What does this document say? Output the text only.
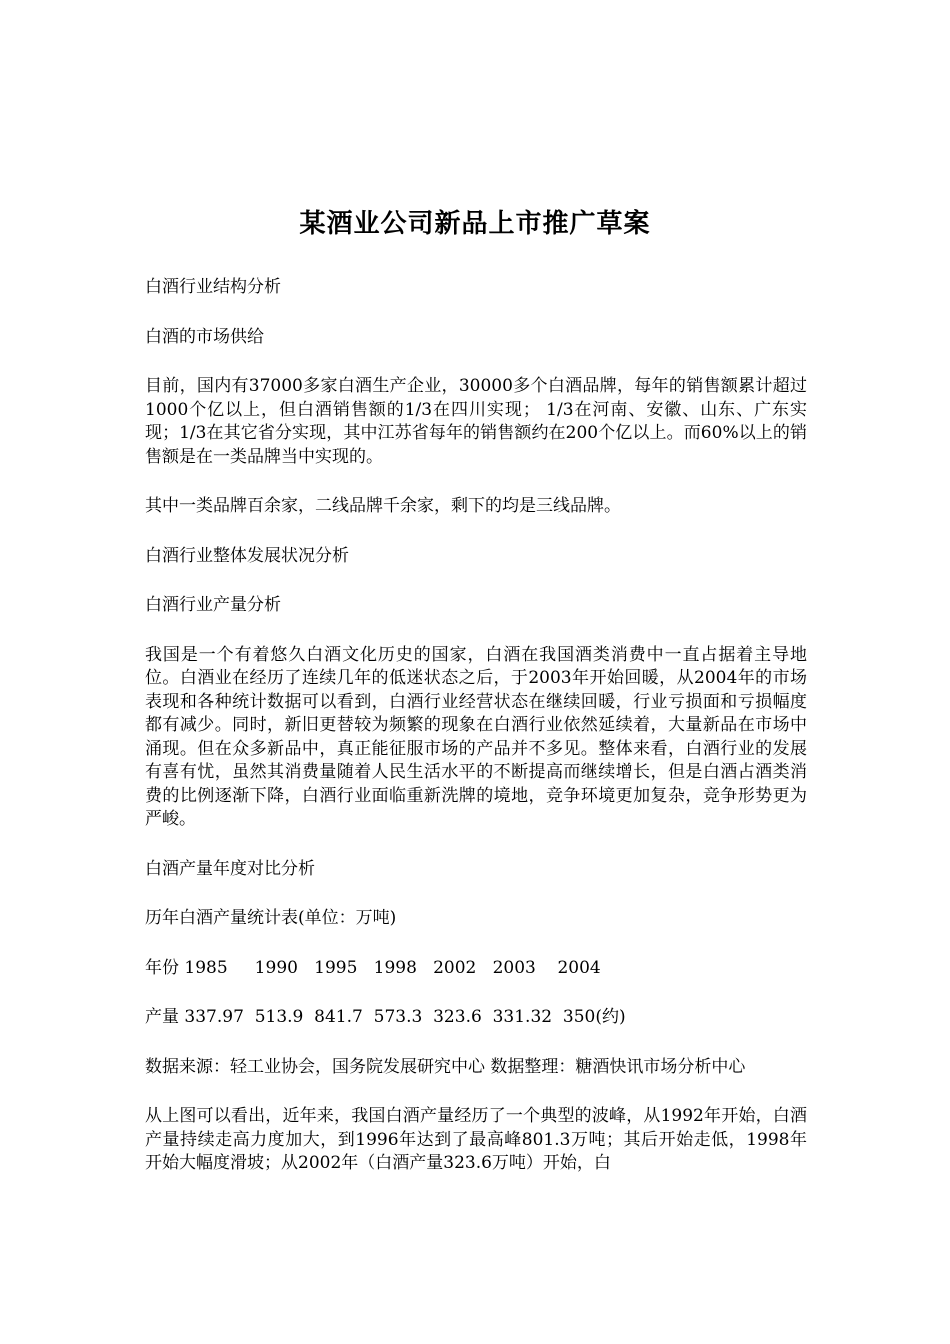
某酒业公司新品上市推广草案

白酒行业结构分析

白酒的市场供给

目前，国内有37000多家白酒生产企业，30000多个白酒品牌，每年的销售额累计超过1000个亿以上，但白酒销售额的1/3在四川实现； 1/3在河南、安徽、山东、广东实现；1/3在其它省分实现，其中江苏省每年的销售额约在200个亿以上。而60%以上的销售额是在一类品牌当中实现的。

其中一类品牌百余家，二线品牌千余家，剩下的均是三线品牌。

白酒行业整体发展状况分析

白酒行业产量分析

我国是一个有着悠久白酒文化历史的国家，白酒在我国酒类消费中一直占据着主导地位。白酒业在经历了连续几年的低迷状态之后，于2003年开始回暖，从2004年的市场表现和各种统计数据可以看到，白酒行业经营状态在继续回暖，行业亏损面和亏损幅度都有减少。同时，新旧更替较为频繁的现象在白酒行业依然延续着，大量新品在市场中涌现。但在众多新品中，真正能征服市场的产品并不多见。整体来看，白酒行业的发展有喜有忧，虽然其消费量随着人民生活水平的不断提高而继续增长，但是白酒占酒类消费的比例逐渐下降，白酒行业面临重新洗牌的境地，竞争环境更加复杂，竞争形势更为严峻。

白酒产量年度对比分析

历年白酒产量统计表(单位：万吨)

年份 1985     1990   1995   1998   2002   2003    2004

产量 337.97  513.9  841.7  573.3  323.6  331.32  350(约)

数据来源：轻工业协会，国务院发展研究中心 数据整理：糖酒快讯市场分析中心

从上图可以看出，近年来，我国白酒产量经历了一个典型的波峰，从1992年开始，白酒产量持续走高力度加大，到1996年达到了最高峰801.3万吨；其后开始走低，1998年开始大幅度滑坡；从2002年（白酒产量323.6万吨）开始，白
